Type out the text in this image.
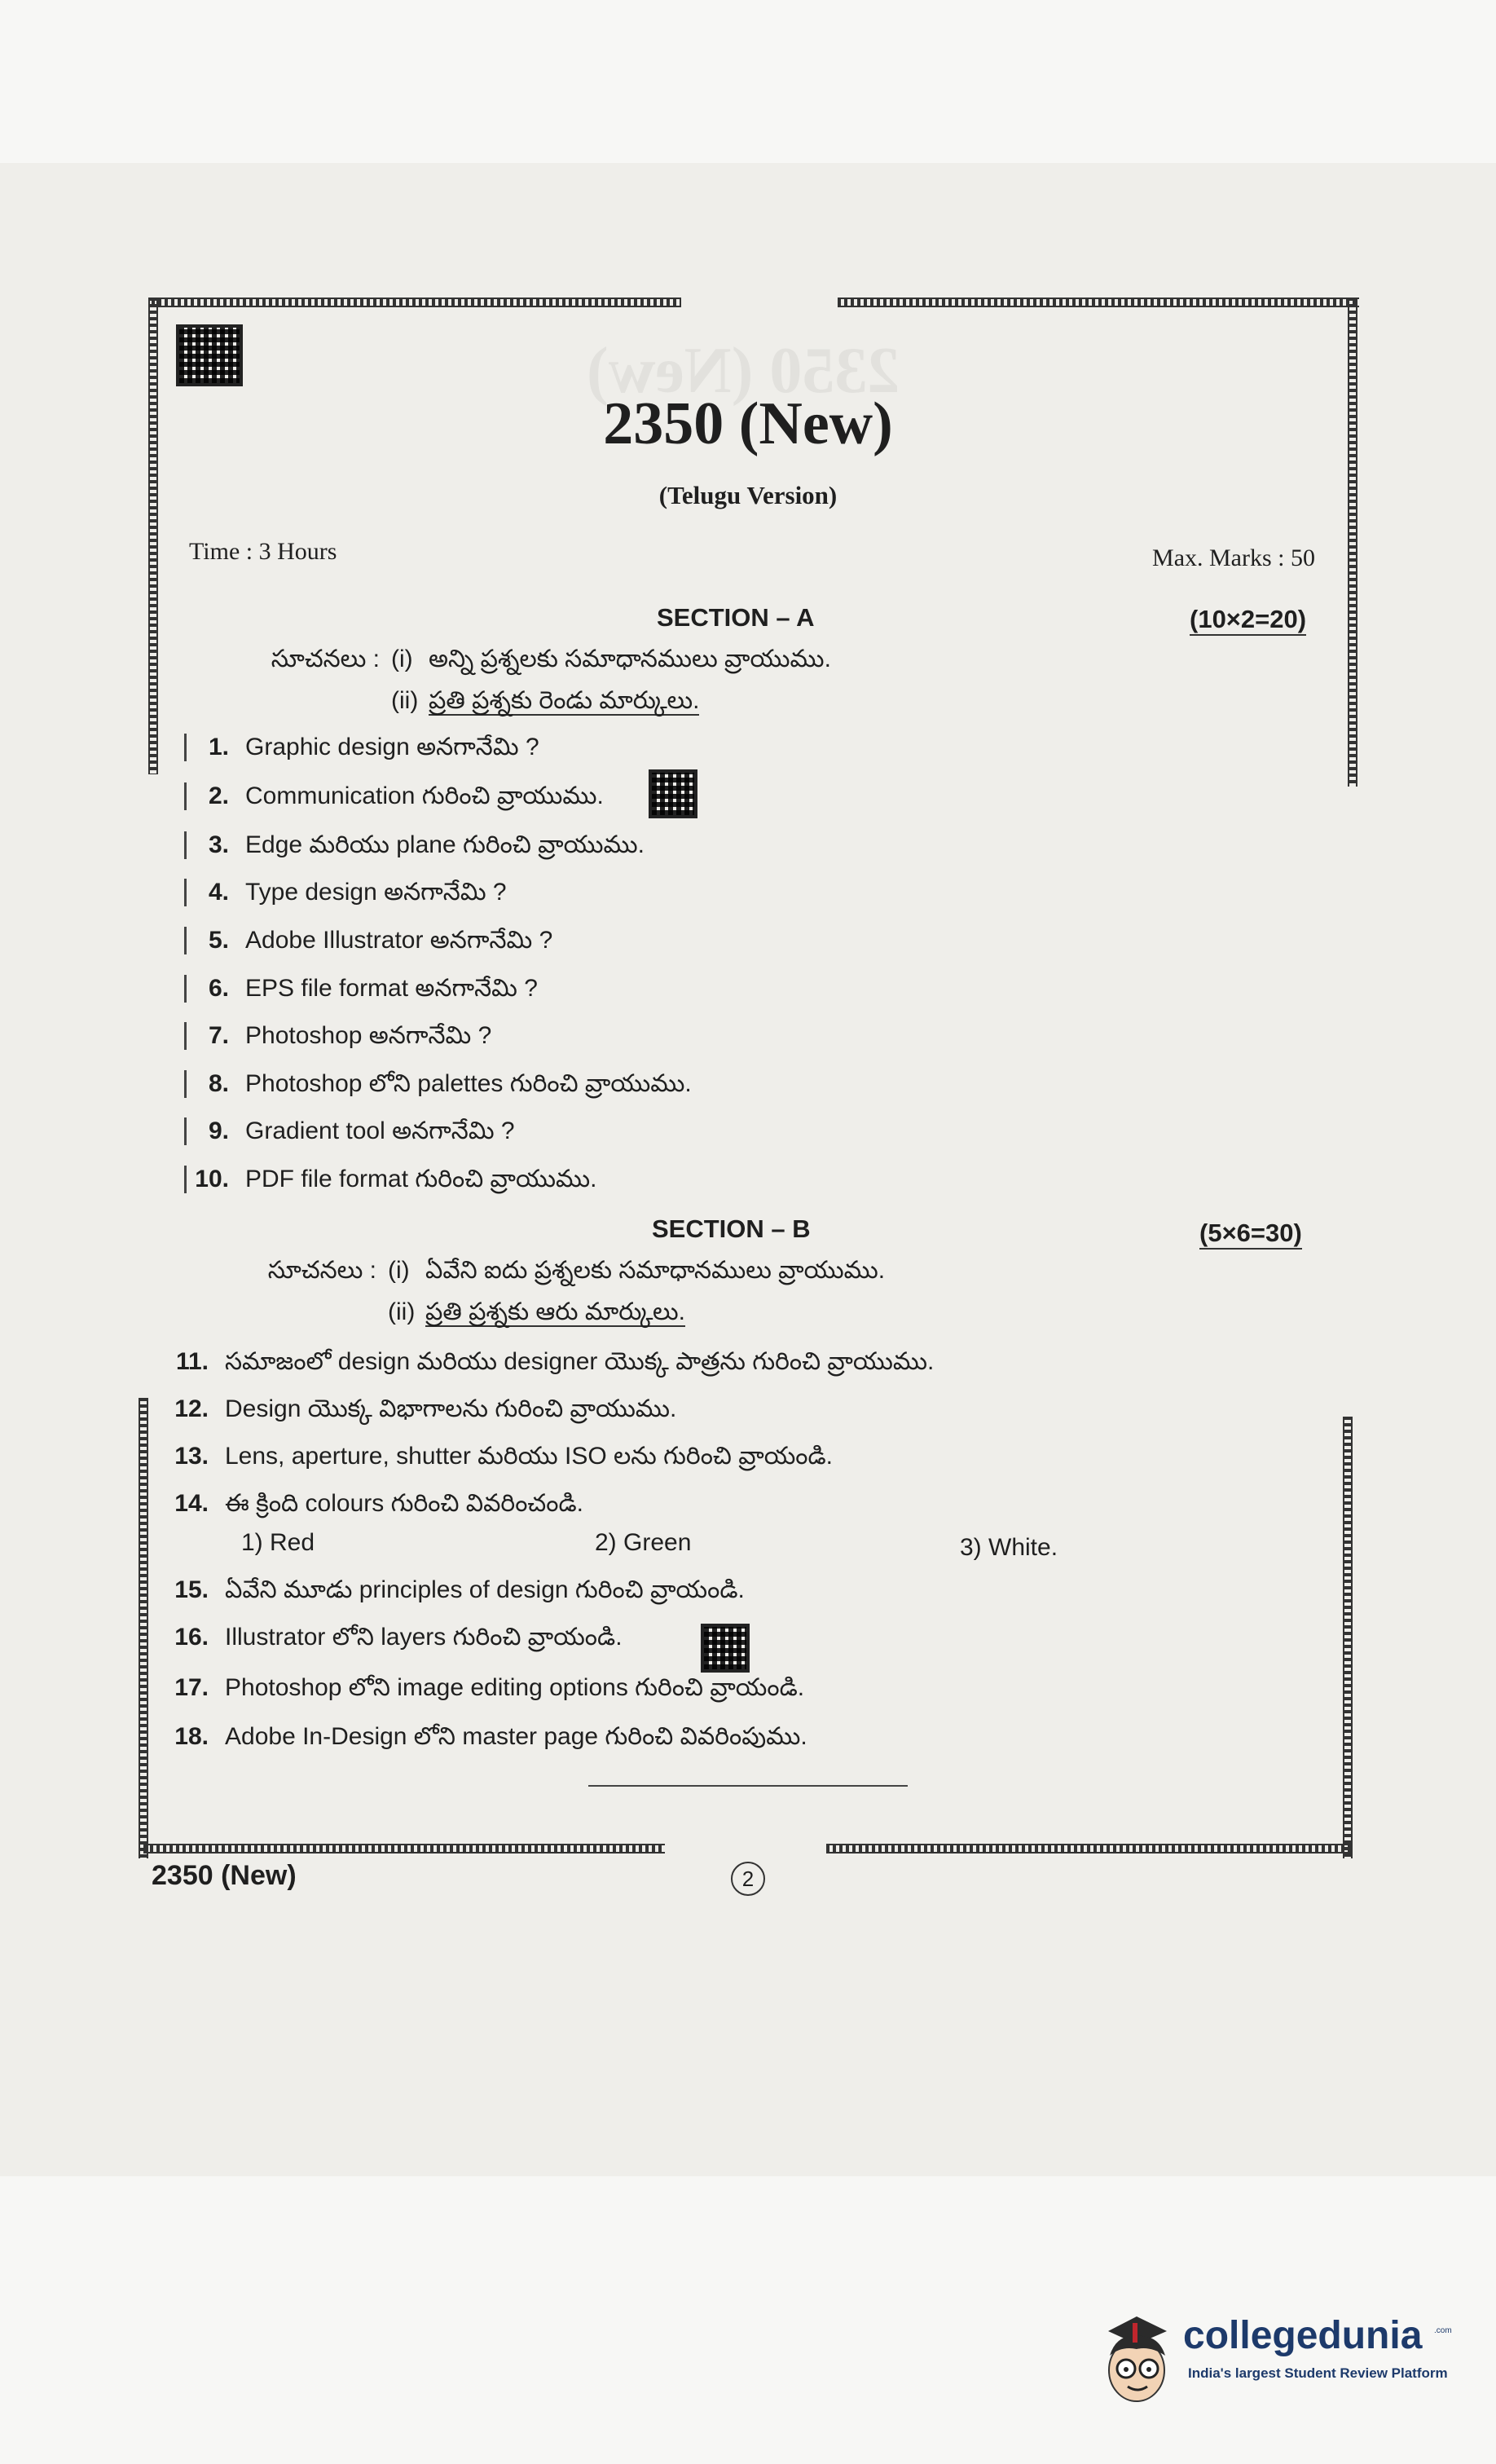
2350 (New)
2350 (New)
(Telugu Version)
Time : 3 Hours	Max. Marks : 50
SECTION – A	(10×2=20)
సూచనలు : (i) అన్ని ప్రశ్నలకు సమాధానములు వ్రాయుము.
(ii) ప్రతి ప్రశ్నకు రెండు మార్కులు.
1. Graphic design అనగానేమి ?
2. Communication గురించి వ్రాయుము.
3. Edge మరియు plane గురించి వ్రాయుము.
4. Type design అనగానేమి ?
5. Adobe Illustrator అనగానేమి ?
6. EPS file format అనగానేమి ?
7. Photoshop అనగానేమి ?
8. Photoshop లోని palettes గురించి వ్రాయుము.
9. Gradient tool అనగానేమి ?
10. PDF file format గురించి వ్రాయుము.
SECTION – B	(5×6=30)
సూచనలు : (i) ఏవేని ఐదు ప్రశ్నలకు సమాధానములు వ్రాయుము.
(ii) ప్రతి ప్రశ్నకు ఆరు మార్కులు.
11. సమాజంలో design మరియు designer యొక్క పాత్రను గురించి వ్రాయుము.
12. Design యొక్క విభాగాలను గురించి వ్రాయుము.
13. Lens, aperture, shutter మరియు ISO లను గురించి వ్రాయండి.
14. ఈ క్రింది colours గురించి వివరించండి.
1) Red	2) Green	3) White.
15. ఏవేని మూడు principles of design గురించి వ్రాయండి.
16. Illustrator లోని layers గురించి వ్రాయండి.
17. Photoshop లోని image editing options గురించి వ్రాయండి.
18. Adobe In-Design లోని master page గురించి వివరింపుము.
2350 (New)	2
collegedunia .com
India's largest Student Review Platform
